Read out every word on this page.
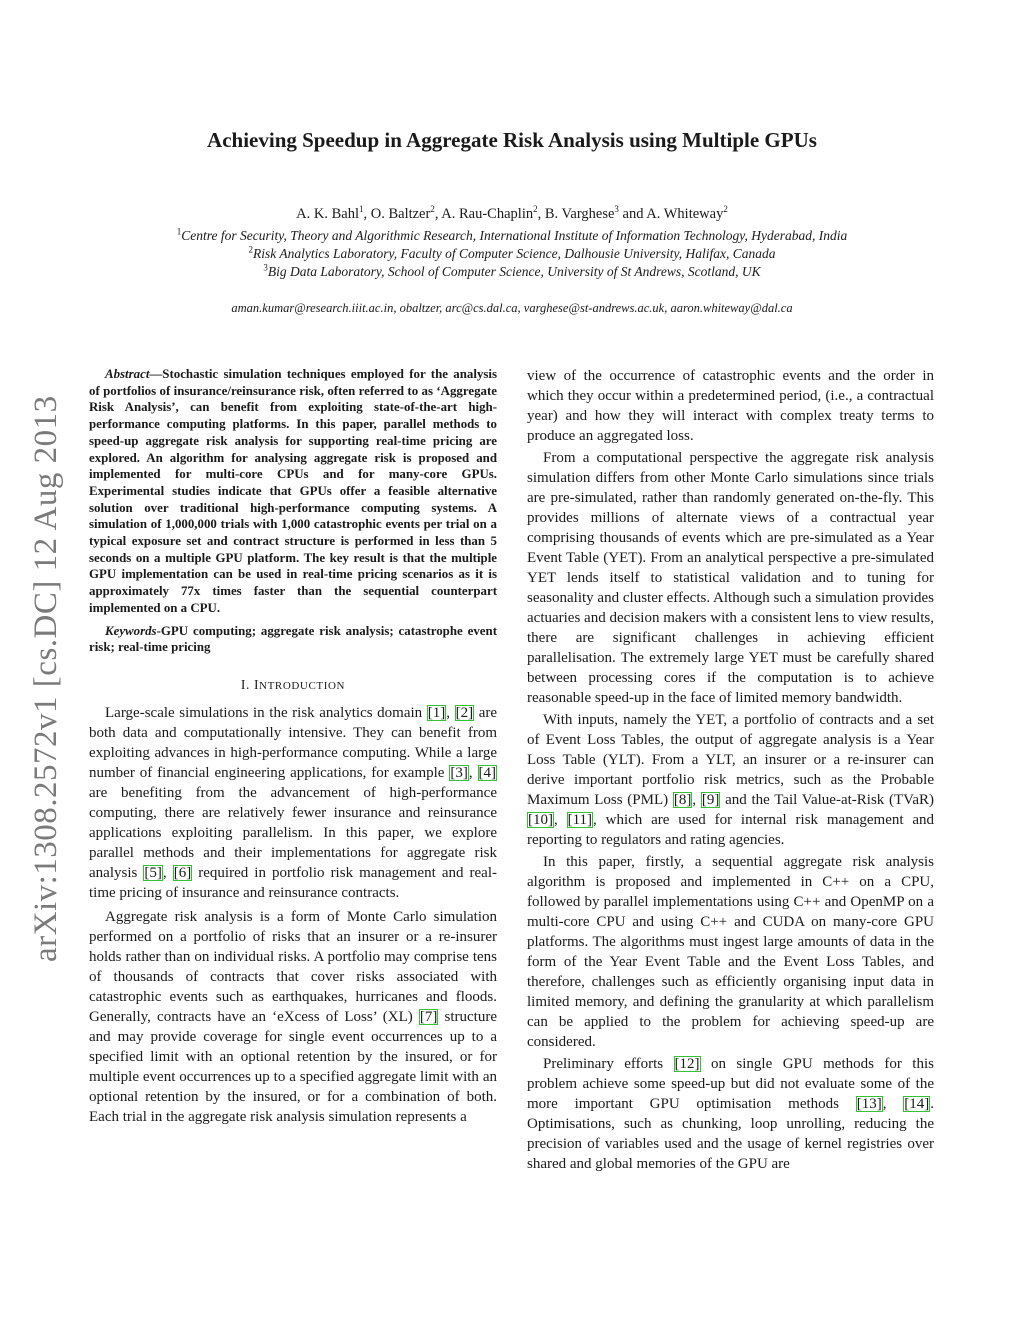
arXiv:1308.2572v1 [cs.DC] 12 Aug 2013
Achieving Speedup in Aggregate Risk Analysis using Multiple GPUs
A. K. Bahl$^1$, O. Baltzer$^2$, A. Rau-Chaplin$^2$, B. Varghese$^3$ and A. Whiteway$^2$
$^1$Centre for Security, Theory and Algorithmic Research, International Institute of Information Technology, Hyderabad, India
$^2$Risk Analytics Laboratory, Faculty of Computer Science, Dalhousie University, Halifax, Canada
$^3$Big Data Laboratory, School of Computer Science, University of St Andrews, Scotland, UK
aman.kumar@research.iiit.ac.in, obaltzer, arc@cs.dal.ca, varghese@st-andrews.ac.uk, aaron.whiteway@dal.ca

Abstract—Stochastic simulation techniques employed for the analysis of portfolios of insurance/reinsurance risk, often referred to as ‘Aggregate Risk Analysis’, can benefit from exploiting state-of-the-art high-performance computing platforms. In this paper, parallel methods to speed-up aggregate risk analysis for supporting real-time pricing are explored. An algorithm for analysing aggregate risk is proposed and implemented for multi-core CPUs and for many-core GPUs. Experimental studies indicate that GPUs offer a feasible alternative solution over traditional high-performance computing systems. A simulation of 1,000,000 trials with 1,000 catastrophic events per trial on a typical exposure set and contract structure is performed in less than 5 seconds on a multiple GPU platform. The key result is that the multiple GPU implementation can be used in real-time pricing scenarios as it is approximately 77x times faster than the sequential counterpart implemented on a CPU.

Keywords-GPU computing; aggregate risk analysis; catastrophe event risk; real-time pricing

I. INTRODUCTION

Large-scale simulations in the risk analytics domain [1], [2] are both data and computationally intensive. They can benefit from exploiting advances in high-performance computing. While a large number of financial engineering applications, for example [3], [4] are benefiting from the advancement of high-performance computing, there are relatively fewer insurance and reinsurance applications exploiting parallelism. In this paper, we explore parallel methods and their implementations for aggregate risk analysis [5], [6] required in portfolio risk management and real-time pricing of insurance and reinsurance contracts.

Aggregate risk analysis is a form of Monte Carlo simulation performed on a portfolio of risks that an insurer or a re-insurer holds rather than on individual risks. A portfolio may comprise tens of thousands of contracts that cover risks associated with catastrophic events such as earthquakes, hurricanes and floods. Generally, contracts have an ‘eXcess of Loss’ (XL) [7] structure and may provide coverage for single event occurrences up to a specified limit with an optional retention by the insured, or for multiple event occurrences up to a specified aggregate limit with an optional retention by the insured, or for a combination of both. Each trial in the aggregate risk analysis simulation represents a

view of the occurrence of catastrophic events and the order in which they occur within a predetermined period, (i.e., a contractual year) and how they will interact with complex treaty terms to produce an aggregated loss.

From a computational perspective the aggregate risk analysis simulation differs from other Monte Carlo simulations since trials are pre-simulated, rather than randomly generated on-the-fly. This provides millions of alternate views of a contractual year comprising thousands of events which are pre-simulated as a Year Event Table (YET). From an analytical perspective a pre-simulated YET lends itself to statistical validation and to tuning for seasonality and cluster effects. Although such a simulation provides actuaries and decision makers with a consistent lens to view results, there are significant challenges in achieving efficient parallelisation. The extremely large YET must be carefully shared between processing cores if the computation is to achieve reasonable speed-up in the face of limited memory bandwidth.

With inputs, namely the YET, a portfolio of contracts and a set of Event Loss Tables, the output of aggregate analysis is a Year Loss Table (YLT). From a YLT, an insurer or a re-insurer can derive important portfolio risk metrics, such as the Probable Maximum Loss (PML) [8], [9] and the Tail Value-at-Risk (TVaR) [10], [11], which are used for internal risk management and reporting to regulators and rating agencies.

In this paper, firstly, a sequential aggregate risk analysis algorithm is proposed and implemented in C++ on a CPU, followed by parallel implementations using C++ and OpenMP on a multi-core CPU and using C++ and CUDA on many-core GPU platforms. The algorithms must ingest large amounts of data in the form of the Year Event Table and the Event Loss Tables, and therefore, challenges such as efficiently organising input data in limited memory, and defining the granularity at which parallelism can be applied to the problem for achieving speed-up are considered.

Preliminary efforts [12] on single GPU methods for this problem achieve some speed-up but did not evaluate some of the more important GPU optimisation methods [13], [14]. Optimisations, such as chunking, loop unrolling, reducing the precision of variables used and the usage of kernel registries over shared and global memories of the GPU are
